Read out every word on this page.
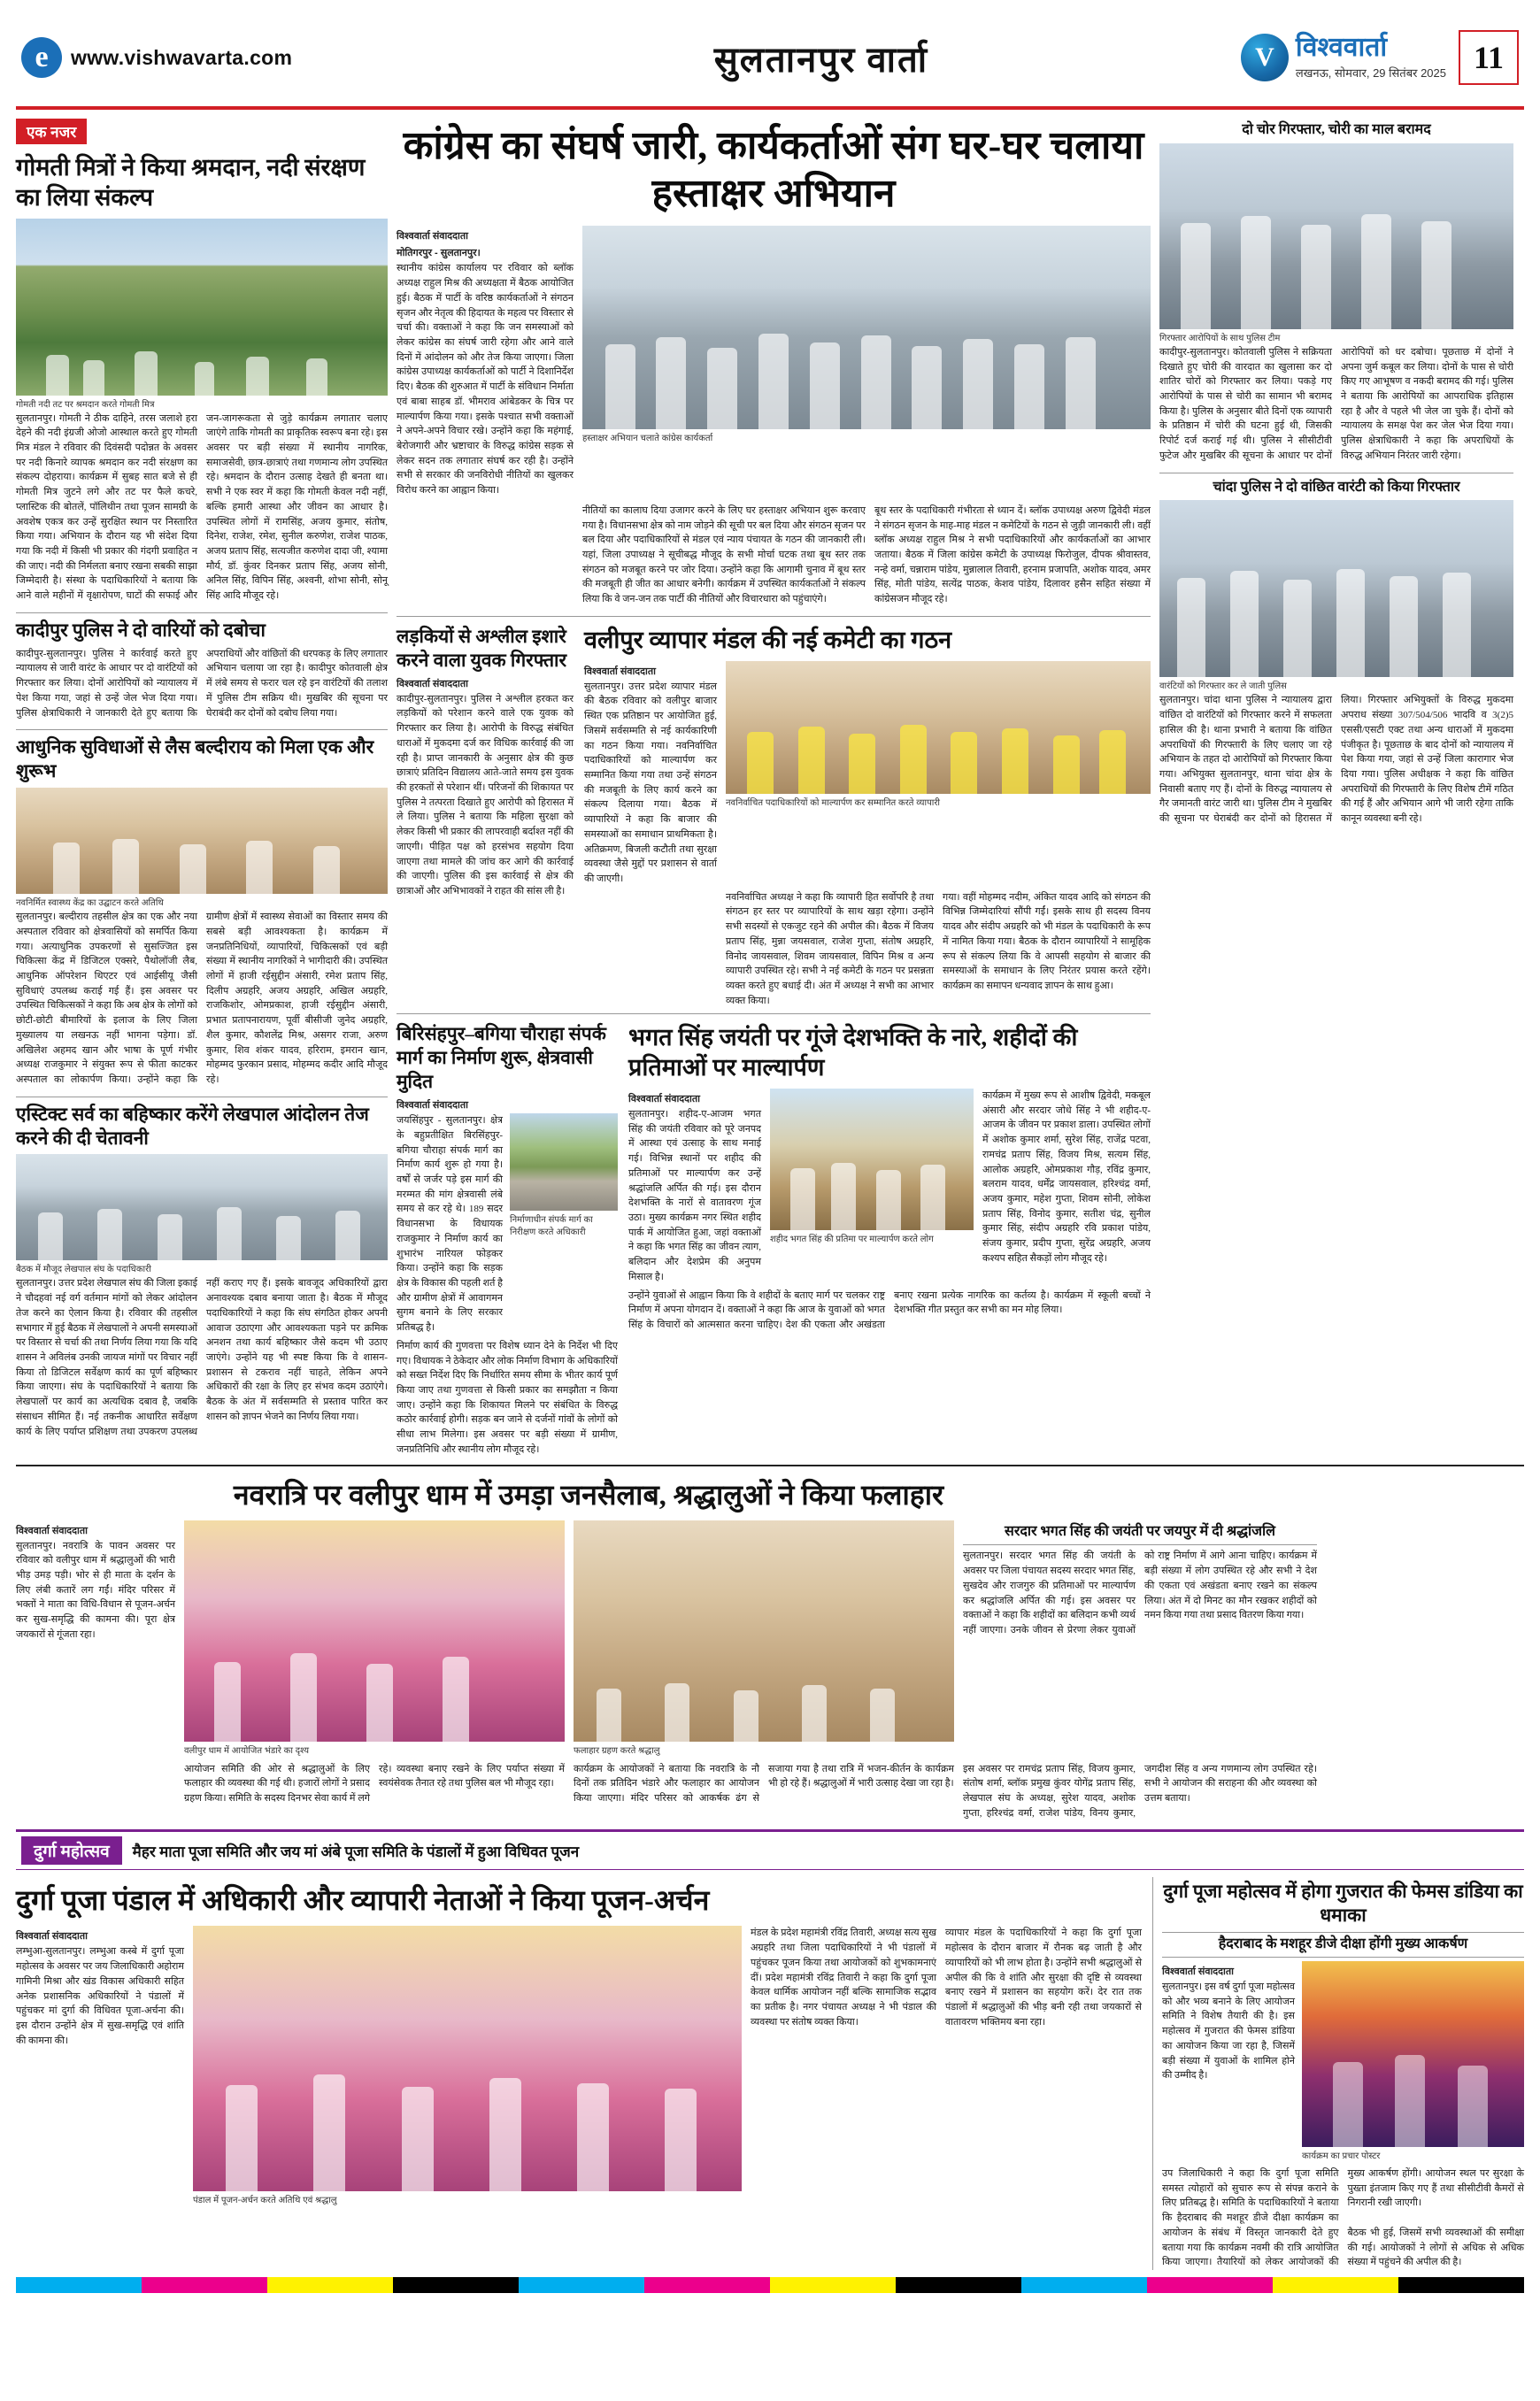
e	www.vishwavarta.com	सुलतानपुर वार्ता	V विश्ववार्ता
लखनऊ, सोमवार, 29 सितंबर 2025 11
एक नजर
गोमती मित्रों ने किया श्रमदान, नदी संरक्षण का लिया संकल्प
गोमती नदी तट पर श्रमदान करते गोमती मित्र
सुलतानपुर। गोमती ने ठीक दाहिने, तरस जलाशे हरा देहने की नदी इंग्रजी ओजो आस्थाल करते हुए गोमती मित्र मंडल ने रविवार की दिवंसदी पदोन्नत के अवसर पर नदी किनारे व्यापक श्रमदान कर नदी संरक्षण का संकल्प दोहराया। कार्यक्रम में सुबह सात बजे से ही गोमती मित्र जुटने लगे और तट पर फैले कचरे, प्लास्टिक की बोतलें, पॉलिथीन तथा पूजन सामग्री के अवशेष एकत्र कर उन्हें सुरक्षित स्थान पर निस्तारित किया गया। अभियान के दौरान यह भी संदेश दिया गया कि नदी में किसी भी प्रकार की गंदगी प्रवाहित न की जाए। नदी की निर्मलता बनाए रखना सबकी साझा जिम्मेदारी है। संस्था के पदाधिकारियों ने बताया कि आने वाले महीनों में वृक्षारोपण, घाटों की सफाई और जन-जागरूकता से जुड़े कार्यक्रम लगातार चलाए जाएंगे ताकि गोमती का प्राकृतिक स्वरूप बना रहे। इस अवसर पर बड़ी संख्या में स्थानीय नागरिक, समाजसेवी, छात्र-छात्राएं तथा गणमान्य लोग उपस्थित रहे। श्रमदान के दौरान उत्साह देखते ही बनता था। सभी ने एक स्वर में कहा कि गोमती केवल नदी नहीं, बल्कि हमारी आस्था और जीवन का आधार है। उपस्थित लोगों में रामसिंह, अजय कुमार, संतोष, दिनेश, राजेश, रमेश, सुनील करुणेश, राजेश पाठक, अजय प्रताप सिंह, सत्यजीत करुणेश दादा जी, श्यामा मौर्य, डॉ. कुंवर दिनकर प्रताप सिंह, अजय सोनी, अनिल सिंह, विपिन सिंह, अश्वनी, शोभा सोनी, सोनू सिंह आदि मौजूद रहे।
कादीपुर पुलिस ने दो वारियों को दबोचा
कादीपुर-सुलतानपुर। पुलिस ने कार्रवाई करते हुए न्यायालय से जारी वारंट के आधार पर दो वारंटियों को गिरफ्तार कर लिया। दोनों आरोपियों को न्यायालय में पेश किया गया, जहां से उन्हें जेल भेज दिया गया। पुलिस क्षेत्राधिकारी ने जानकारी देते हुए बताया कि अपराधियों और वांछितों की धरपकड़ के लिए लगातार अभियान चलाया जा रहा है। कादीपुर कोतवाली क्षेत्र में लंबे समय से फरार चल रहे इन वारंटियों की तलाश में पुलिस टीम सक्रिय थी। मुखबिर की सूचना पर घेराबंदी कर दोनों को दबोच लिया गया।
आधुनिक सुविधाओं से लैस बल्दीराय को मिला एक और शुरूभ
नवनिर्मित स्वास्थ्य केंद्र का उद्घाटन करते अतिथि
सुलतानपुर। बल्दीराय तहसील क्षेत्र का एक और नया अस्पताल रविवार को क्षेत्रवासियों को समर्पित किया गया। अत्याधुनिक उपकरणों से सुसज्जित इस चिकित्सा केंद्र में डिजिटल एक्सरे, पैथोलॉजी लैब, आधुनिक ऑपरेशन थिएटर एवं आईसीयू जैसी सुविधाएं उपलब्ध कराई गई हैं। इस अवसर पर उपस्थित चिकित्सकों ने कहा कि अब क्षेत्र के लोगों को छोटी-छोटी बीमारियों के इलाज के लिए जिला मुख्यालय या लखनऊ नहीं भागना पड़ेगा। डॉ. अखिलेश अहमद खान और भाषा के पूर्ण गंभीर अध्यक्ष राजकुमार ने संयुक्त रूप से फीता काटकर अस्पताल का लोकार्पण किया। उन्होंने कहा कि ग्रामीण क्षेत्रों में स्वास्थ्य सेवाओं का विस्तार समय की सबसे बड़ी आवश्यकता है। कार्यक्रम में जनप्रतिनिधियों, व्यापारियों, चिकित्सकों एवं बड़ी संख्या में स्थानीय नागरिकों ने भागीदारी की। उपस्थित लोगों में हाजी रईसुद्दीन अंसारी, रमेश प्रताप सिंह, दिलीप अग्रहरि, अजय अग्रहरि, अखिल अग्रहरि, राजकिशोर, ओमप्रकाश, हाजी रईसुद्दीन अंसारी, प्रभात प्रतापनारायण, पूर्वी बीसीजी जुनेद अग्रहरि, शैल कुमार, कौशलेंद्र मिश्र, असगर राजा, अरुण कुमार, शिव शंकर यादव, हरिराम, इमरान खान, मोहम्मद फुरकान प्रसाद, मोहम्मद कदीर आदि मौजूद रहे।
एस्टिक्ट सर्व का बहिष्कार करेंगे लेखपाल आंदोलन तेज करने की दी चेतावनी
बैठक में मौजूद लेखपाल संघ के पदाधिकारी
सुलतानपुर। उत्तर प्रदेश लेखपाल संघ की जिला इकाई ने चौदहवां नई वर्ग वर्तमान मांगों को लेकर आंदोलन तेज करने का ऐलान किया है। रविवार की तहसील सभागार में हुई बैठक में लेखपालों ने अपनी समस्याओं पर विस्तार से चर्चा की तथा निर्णय लिया गया कि यदि शासन ने अविलंब उनकी जायज मांगों पर विचार नहीं किया तो डिजिटल सर्वेक्षण कार्य का पूर्ण बहिष्कार किया जाएगा। संघ के पदाधिकारियों ने बताया कि लेखपालों पर कार्य का अत्यधिक दबाव है, जबकि संसाधन सीमित हैं। नई तकनीक आधारित सर्वेक्षण कार्य के लिए पर्याप्त प्रशिक्षण तथा उपकरण उपलब्ध नहीं कराए गए हैं। इसके बावजूद अधिकारियों द्वारा अनावश्यक दबाव बनाया जाता है। बैठक में मौजूद पदाधिकारियों ने कहा कि संघ संगठित होकर अपनी आवाज उठाएगा और आवश्यकता पड़ने पर क्रमिक अनशन तथा कार्य बहिष्कार जैसे कदम भी उठाए जाएंगे। उन्होंने यह भी स्पष्ट किया कि वे शासन-प्रशासन से टकराव नहीं चाहते, लेकिन अपने अधिकारों की रक्षा के लिए हर संभव कदम उठाएंगे। बैठक के अंत में सर्वसम्मति से प्रस्ताव पारित कर शासन को ज्ञापन भेजने का निर्णय लिया गया।
कांग्रेस का संघर्ष जारी, कार्यकर्ताओं संग घर-घर चलाया हस्ताक्षर अभियान
विश्ववार्ता संवाददाता
मोतिगरपुर - सुलतानपुर।
स्थानीय कांग्रेस कार्यालय पर रविवार को ब्लॉक अध्यक्ष राहुल मिश्र की अध्यक्षता में बैठक आयोजित हुई। बैठक में पार्टी के वरिष्ठ कार्यकर्ताओं ने संगठन सृजन और नेतृत्व की हिदायत के महत्व पर विस्तार से चर्चा की। वक्ताओं ने कहा कि जन समस्याओं को लेकर कांग्रेस का संघर्ष जारी रहेगा और आने वाले दिनों में आंदोलन को और तेज किया जाएगा। जिला कांग्रेस उपाध्यक्ष कार्यकर्ताओं को पार्टी ने दिशानिर्देश दिए। बैठक की शुरुआत में पार्टी के संविधान निर्माता एवं बाबा साहब डॉ. भीमराव आंबेडकर के चित्र पर माल्यार्पण किया गया। इसके पश्चात सभी वक्ताओं ने अपने-अपने विचार रखे। उन्होंने कहा कि महंगाई, बेरोजगारी और भ्रष्टाचार के विरुद्ध कांग्रेस सड़क से लेकर सदन तक लगातार संघर्ष कर रही है। उन्होंने सभी से सरकार की जनविरोधी नीतियों का खुलकर विरोध करने का आह्वान किया।
हस्ताक्षर अभियान चलाते कांग्रेस कार्यकर्ता
नीतियों का कालाघ दिया उजागर करने के लिए घर हस्ताक्षर अभियान शुरू करवाए गया है। विधानसभा क्षेत्र को नाम जोड़ने की सूची पर बल दिया और संगठन सृजन पर बल दिया और पदाधिकारियों से मंडल एवं न्याय पंचायत के गठन की जानकारी ली। यहां, जिला उपाध्यक्ष ने सूचीबद्ध मौजूद के सभी मोर्चा घटक तथा बूथ स्तर तक संगठन को मजबूत करने पर जोर दिया। उन्होंने कहा कि आगामी चुनाव में बूथ स्तर की मजबूती ही जीत का आधार बनेगी। कार्यक्रम में उपस्थित कार्यकर्ताओं ने संकल्प लिया कि वे जन-जन तक पार्टी की नीतियों और विचारधारा को पहुंचाएंगे।
बूथ स्तर के पदाधिकारी गंभीरता से ध्यान दें। ब्लॉक उपाध्यक्ष अरुण द्विवेदी मंडल ने संगठन सृजन के माह-माह मंडल न कमेटियों के गठन से जुड़ी जानकारी ली। वहीं ब्लॉक अध्यक्ष राहुल मिश्र ने सभी पदाधिकारियों और कार्यकर्ताओं का आभार जताया। बैठक में जिला कांग्रेस कमेटी के उपाध्यक्ष फिरोजुल, दीपक श्रीवास्तव, नन्हे वर्मा, चन्नाराम पांडेय, मुन्नालाल तिवारी, हरनाम प्रजापति, अशोक यादव, अमर सिंह, मोती पांडेय, सत्येंद्र पाठक, केशव पांडेय, दिलावर हसैन सहित संख्या में कांग्रेसजन मौजूद रहे।
लड़कियों से अश्लील इशारे करने वाला युवक गिरफ्तार
विश्ववार्ता संवाददाता
कादीपुर-सुलतानपुर। पुलिस ने अश्लील हरकत कर लड़कियों को परेशान करने वाले एक युवक को गिरफ्तार कर लिया है। आरोपी के विरुद्ध संबंधित धाराओं में मुकदमा दर्ज कर विधिक कार्रवाई की जा रही है। प्राप्त जानकारी के अनुसार क्षेत्र की कुछ छात्राएं प्रतिदिन विद्यालय आते-जाते समय इस युवक की हरकतों से परेशान थीं। परिजनों की शिकायत पर पुलिस ने तत्परता दिखाते हुए आरोपी को हिरासत में ले लिया। पुलिस ने बताया कि महिला सुरक्षा को लेकर किसी भी प्रकार की लापरवाही बर्दाश्त नहीं की जाएगी। पीड़ित पक्ष को हरसंभव सहयोग दिया जाएगा तथा मामले की जांच कर आगे की कार्रवाई की जाएगी। पुलिस की इस कार्रवाई से क्षेत्र की छात्राओं और अभिभावकों ने राहत की सांस ली है।
वलीपुर व्यापार मंडल की नई कमेटी का गठन
विश्ववार्ता संवाददाता
सुलतानपुर। उत्तर प्रदेश व्यापार मंडल की बैठक रविवार को वलीपुर बाजार स्थित एक प्रतिष्ठान पर आयोजित हुई, जिसमें सर्वसम्मति से नई कार्यकारिणी का गठन किया गया। नवनिर्वाचित पदाधिकारियों को माल्यार्पण कर सम्मानित किया गया तथा उन्हें संगठन की मजबूती के लिए कार्य करने का संकल्प दिलाया गया। बैठक में व्यापारियों ने कहा कि बाजार की समस्याओं का समाधान प्राथमिकता है। अतिक्रमण, बिजली कटौती तथा सुरक्षा व्यवस्था जैसे मुद्दों पर प्रशासन से वार्ता की जाएगी।
नवनिर्वाचित पदाधिकारियों को माल्यार्पण कर सम्मानित करते व्यापारी
नवनिर्वाचित अध्यक्ष ने कहा कि व्यापारी हित सर्वोपरि है तथा संगठन हर स्तर पर व्यापारियों के साथ खड़ा रहेगा। उन्होंने सभी सदस्यों से एकजुट रहने की अपील की। बैठक में विजय प्रताप सिंह, मुन्ना जयसवाल, राजेश गुप्ता, संतोष अग्रहरि, विनोद जायसवाल, शिवम जायसवाल, विपिन मिश्र व अन्य व्यापारी उपस्थित रहे। सभी ने नई कमेटी के गठन पर प्रसन्नता व्यक्त करते हुए बधाई दी। अंत में अध्यक्ष ने सभी का आभार व्यक्त किया।
गया। वहीं मोहम्मद नदीम, अंकित यादव आदि को संगठन की विभिन्न जिम्मेदारियां सौंपी गईं। इसके साथ ही सदस्य विनय यादव और संदीप अग्रहरि को भी मंडल के पदाधिकारी के रूप में नामित किया गया। बैठक के दौरान व्यापारियों ने सामूहिक रूप से संकल्प लिया कि वे आपसी सहयोग से बाजार की समस्याओं के समाधान के लिए निरंतर प्रयास करते रहेंगे। कार्यक्रम का समापन धन्यवाद ज्ञापन के साथ हुआ।
बिरिसंहपुर–बगिया चौराहा संपर्क मार्ग का निर्माण शुरू, क्षेत्रवासी मुदित
विश्ववार्ता संवाददाता
जयसिंहपुर - सुलतानपुर। क्षेत्र के बहुप्रतीक्षित बिरसिंहपुर-बगिया चौराहा संपर्क मार्ग का निर्माण कार्य शुरू हो गया है। वर्षों से जर्जर पड़े इस मार्ग की मरम्मत की मांग क्षेत्रवासी लंबे समय से कर रहे थे। 189 सदर विधानसभा के विधायक राजकुमार ने निर्माण कार्य का शुभारंभ नारियल फोड़कर किया। उन्होंने कहा कि सड़क क्षेत्र के विकास की पहली शर्त है और ग्रामीण क्षेत्रों में आवागमन सुगम बनाने के लिए सरकार प्रतिबद्ध है।
निर्माणाधीन संपर्क मार्ग का निरीक्षण करते अधिकारी
निर्माण कार्य की गुणवत्ता पर विशेष ध्यान देने के निर्देश भी दिए गए। विधायक ने ठेकेदार और लोक निर्माण विभाग के अधिकारियों को सख्त निर्देश दिए कि निर्धारित समय सीमा के भीतर कार्य पूर्ण किया जाए तथा गुणवत्ता से किसी प्रकार का समझौता न किया जाए। उन्होंने कहा कि शिकायत मिलने पर संबंधित के विरुद्ध कठोर कार्रवाई होगी। सड़क बन जाने से दर्जनों गांवों के लोगों को सीधा लाभ मिलेगा। इस अवसर पर बड़ी संख्या में ग्रामीण, जनप्रतिनिधि और स्थानीय लोग मौजूद रहे।
भगत सिंह जयंती पर गूंजे देशभक्ति के नारे, शहीदों की प्रतिमाओं पर माल्यार्पण
विश्ववार्ता संवाददाता
सुलतानपुर। शहीद-ए-आजम भगत सिंह की जयंती रविवार को पूरे जनपद में आस्था एवं उत्साह के साथ मनाई गई। विभिन्न स्थानों पर शहीद की प्रतिमाओं पर माल्यार्पण कर उन्हें श्रद्धांजलि अर्पित की गई। इस दौरान देशभक्ति के नारों से वातावरण गूंज उठा। मुख्य कार्यक्रम नगर स्थित शहीद पार्क में आयोजित हुआ, जहां वक्ताओं ने कहा कि भगत सिंह का जीवन त्याग, बलिदान और देशप्रेम की अनुपम मिसाल है।
शहीद भगत सिंह की प्रतिमा पर माल्यार्पण करते लोग
कार्यक्रम में मुख्य रूप से आशीष द्विवेदी, मकबूल अंसारी और सरदार जोधे सिंह ने भी शहीद-ए-आजम के जीवन पर प्रकाश डाला। उपस्थित लोगों में अशोक कुमार शर्मा, सुरेश सिंह, राजेंद्र पटवा, रामचंद्र प्रताप सिंह, विजय मिश्र, सत्यम सिंह, आलोक अग्रहरि, ओमप्रकाश गौड़, रविंद्र कुमार, बलराम यादव, धर्मेंद्र जायसवाल, हरिश्चंद्र वर्मा, अजय कुमार, महेश गुप्ता, शिवम सोनी, लोकेश प्रताप सिंह, विनोद कुमार, सतीश चंद्र, सुनील कुमार सिंह, संदीप अग्रहरि रवि प्रकाश पांडेय, संजय कुमार, प्रदीप गुप्ता, सुरेंद्र अग्रहरि, अजय कश्यप सहित सैकड़ों लोग मौजूद रहे।
उन्होंने युवाओं से आह्वान किया कि वे शहीदों के बताए मार्ग पर चलकर राष्ट्र निर्माण में अपना योगदान दें। वक्ताओं ने कहा कि आज के युवाओं को भगत सिंह के विचारों को आत्मसात करना चाहिए। देश की एकता और अखंडता बनाए रखना प्रत्येक नागरिक का कर्तव्य है। कार्यक्रम में स्कूली बच्चों ने देशभक्ति गीत प्रस्तुत कर सभी का मन मोह लिया।
दो चोर गिरफ्तार, चोरी का माल बरामद
गिरफ्तार आरोपियों के साथ पुलिस टीम
कादीपुर-सुलतानपुर। कोतवाली पुलिस ने सक्रियता दिखाते हुए चोरी की वारदात का खुलासा कर दो शातिर चोरों को गिरफ्तार कर लिया। पकड़े गए आरोपियों के पास से चोरी का सामान भी बरामद किया है। पुलिस के अनुसार बीते दिनों एक व्यापारी के प्रतिष्ठान में चोरी की घटना हुई थी, जिसकी रिपोर्ट दर्ज कराई गई थी। पुलिस ने सीसीटीवी फुटेज और मुखबिर की सूचना के आधार पर दोनों आरोपियों को धर दबोचा। पूछताछ में दोनों ने अपना जुर्म कबूल कर लिया। दोनों के पास से चोरी किए गए आभूषण व नकदी बरामद की गई। पुलिस ने बताया कि आरोपियों का आपराधिक इतिहास रहा है और वे पहले भी जेल जा चुके हैं। दोनों को न्यायालय के समक्ष पेश कर जेल भेज दिया गया। पुलिस क्षेत्राधिकारी ने कहा कि अपराधियों के विरुद्ध अभियान निरंतर जारी रहेगा।
चांदा पुलिस ने दो वांछित वारंटी को किया गिरफ्तार
वारंटियों को गिरफ्तार कर ले जाती पुलिस
सुलतानपुर। चांदा थाना पुलिस ने न्यायालय द्वारा वांछित दो वारंटियों को गिरफ्तार करने में सफलता हासिल की है। थाना प्रभारी ने बताया कि वांछित अपराधियों की गिरफ्तारी के लिए चलाए जा रहे अभियान के तहत दो आरोपियों को गिरफ्तार किया गया। अभियुक्त सुलतानपुर, थाना चांदा क्षेत्र के निवासी बताए गए हैं। दोनों के विरुद्ध न्यायालय से गैर जमानती वारंट जारी था। पुलिस टीम ने मुखबिर की सूचना पर घेराबंदी कर दोनों को हिरासत में लिया। गिरफ्तार अभियुक्तों के विरुद्ध मुकदमा अपराध संख्या 307/504/506 भादवि व 3(2)5 एससी/एसटी एक्ट तथा अन्य धाराओं में मुकदमा पंजीकृत है। पूछताछ के बाद दोनों को न्यायालय में पेश किया गया, जहां से उन्हें जिला कारागार भेज दिया गया। पुलिस अधीक्षक ने कहा कि वांछित अपराधियों की गिरफ्तारी के लिए विशेष टीमें गठित की गई हैं और अभियान आगे भी जारी रहेगा ताकि कानून व्यवस्था बनी रहे।
नवरात्रि पर वलीपुर धाम में उमड़ा जनसैलाब, श्रद्धालुओं ने किया फलाहार
विश्ववार्ता संवाददाता
सुलतानपुर। नवरात्रि के पावन अवसर पर रविवार को वलीपुर धाम में श्रद्धालुओं की भारी भीड़ उमड़ पड़ी। भोर से ही माता के दर्शन के लिए लंबी कतारें लग गईं। मंदिर परिसर में भक्तों ने माता का विधि-विधान से पूजन-अर्चन कर सुख-समृद्धि की कामना की। पूरा क्षेत्र जयकारों से गूंजता रहा।
वलीपुर धाम में आयोजित भंडारे का दृश्य	फलाहार ग्रहण करते श्रद्धालु
सरदार भगत सिंह की जयंती पर जयपुर में दी श्रद्धांजलि
सुलतानपुर। सरदार भगत सिंह की जयंती के अवसर पर जिला पंचायत सदस्य सरदार भगत सिंह, सुखदेव और राजगुरु की प्रतिमाओं पर माल्यार्पण कर श्रद्धांजलि अर्पित की गई। इस अवसर पर वक्ताओं ने कहा कि शहीदों का बलिदान कभी व्यर्थ नहीं जाएगा। उनके जीवन से प्रेरणा लेकर युवाओं को राष्ट्र निर्माण में आगे आना चाहिए। कार्यक्रम में बड़ी संख्या में लोग उपस्थित रहे और सभी ने देश की एकता एवं अखंडता बनाए रखने का संकल्प लिया। अंत में दो मिनट का मौन रखकर शहीदों को नमन किया गया तथा प्रसाद वितरण किया गया।
आयोजन समिति की ओर से श्रद्धालुओं के लिए फलाहार की व्यवस्था की गई थी। हजारों लोगों ने प्रसाद ग्रहण किया। समिति के सदस्य दिनभर सेवा कार्य में लगे रहे। व्यवस्था बनाए रखने के लिए पर्याप्त संख्या में स्वयंसेवक तैनात रहे तथा पुलिस बल भी मौजूद रहा।
कार्यक्रम के आयोजकों ने बताया कि नवरात्रि के नौ दिनों तक प्रतिदिन भंडारे और फलाहार का आयोजन किया जाएगा। मंदिर परिसर को आकर्षक ढंग से सजाया गया है तथा रात्रि में भजन-कीर्तन के कार्यक्रम भी हो रहे हैं। श्रद्धालुओं में भारी उत्साह देखा जा रहा है।
इस अवसर पर रामचंद्र प्रताप सिंह, विजय कुमार, संतोष शर्मा, ब्लॉक प्रमुख कुंवर योगेंद्र प्रताप सिंह, लेखपाल संघ के अध्यक्ष, सुरेश यादव, अशोक गुप्ता, हरिश्चंद्र वर्मा, राजेश पांडेय, विनय कुमार, जगदीश सिंह व अन्य गणमान्य लोग उपस्थित रहे। सभी ने आयोजन की सराहना की और व्यवस्था को उत्तम बताया।
दुर्गा महोत्सव	मैहर माता पूजा समिति और जय मां अंबे पूजा समिति के पंडालों में हुआ विधिवत पूजन
दुर्गा पूजा पंडाल में अधिकारी और व्यापारी नेताओं ने किया पूजन-अर्चन
विश्ववार्ता संवाददाता
लम्भुआ-सुलतानपुर। लम्भुआ कस्बे में दुर्गा पूजा महोत्सव के अवसर पर जय जिलाधिकारी अहोराम गामिनी मिश्रा और खंड विकास अधिकारी सहित अनेक प्रशासनिक अधिकारियों ने पंडालों में पहुंचकर मां दुर्गा की विधिवत पूजा-अर्चना की। इस दौरान उन्होंने क्षेत्र में सुख-समृद्धि एवं शांति की कामना की।
पंडाल में पूजन-अर्चन करते अतिथि एवं श्रद्धालु
मंडल के प्रदेश महामंत्री रविंद्र तिवारी, अध्यक्ष सत्य सुख अग्रहरि तथा जिला पदाधिकारियों ने भी पंडालों में पहुंचकर पूजन किया तथा आयोजकों को शुभकामनाएं दीं। प्रदेश महामंत्री रविंद्र तिवारी ने कहा कि दुर्गा पूजा केवल धार्मिक आयोजन नहीं बल्कि सामाजिक सद्भाव का प्रतीक है। नगर पंचायत अध्यक्ष ने भी पंडाल की व्यवस्था पर संतोष व्यक्त किया।
व्यापार मंडल के पदाधिकारियों ने कहा कि दुर्गा पूजा महोत्सव के दौरान बाजार में रौनक बढ़ जाती है और व्यापारियों को भी लाभ होता है। उन्होंने सभी श्रद्धालुओं से अपील की कि वे शांति और सुरक्षा की दृष्टि से व्यवस्था बनाए रखने में प्रशासन का सहयोग करें। देर रात तक पंडालों में श्रद्धालुओं की भीड़ बनी रही तथा जयकारों से वातावरण भक्तिमय बना रहा।
दुर्गा पूजा महोत्सव में होगा गुजरात की फेमस डांडिया का धमाका
हैदराबाद के मशहूर डीजे दीक्षा होंगी मुख्य आकर्षण
विश्ववार्ता संवाददाता
सुलतानपुर। इस वर्ष दुर्गा पूजा महोत्सव को और भव्य बनाने के लिए आयोजन समिति ने विशेष तैयारी की है। इस महोत्सव में गुजरात की फेमस डांडिया का आयोजन किया जा रहा है, जिसमें बड़ी संख्या में युवाओं के शामिल होने की उम्मीद है।
कार्यक्रम का प्रचार पोस्टर
उप जिलाधिकारी ने कहा कि दुर्गा पूजा समिति समस्त त्योहारों को सुचारु रूप से संपन्न कराने के लिए प्रतिबद्ध है। समिति के पदाधिकारियों ने बताया कि हैदराबाद की मशहूर डीजे दीक्षा कार्यक्रम का मुख्य आकर्षण होंगी। आयोजन स्थल पर सुरक्षा के पुख्ता इंतजाम किए गए हैं तथा सीसीटीवी कैमरों से निगरानी रखी जाएगी।
आयोजन के संबंध में विस्तृत जानकारी देते हुए बताया गया कि कार्यक्रम नवमी की रात्रि आयोजित किया जाएगा। तैयारियों को लेकर आयोजकों की बैठक भी हुई, जिसमें सभी व्यवस्थाओं की समीक्षा की गई। आयोजकों ने लोगों से अधिक से अधिक संख्या में पहुंचने की अपील की है।
